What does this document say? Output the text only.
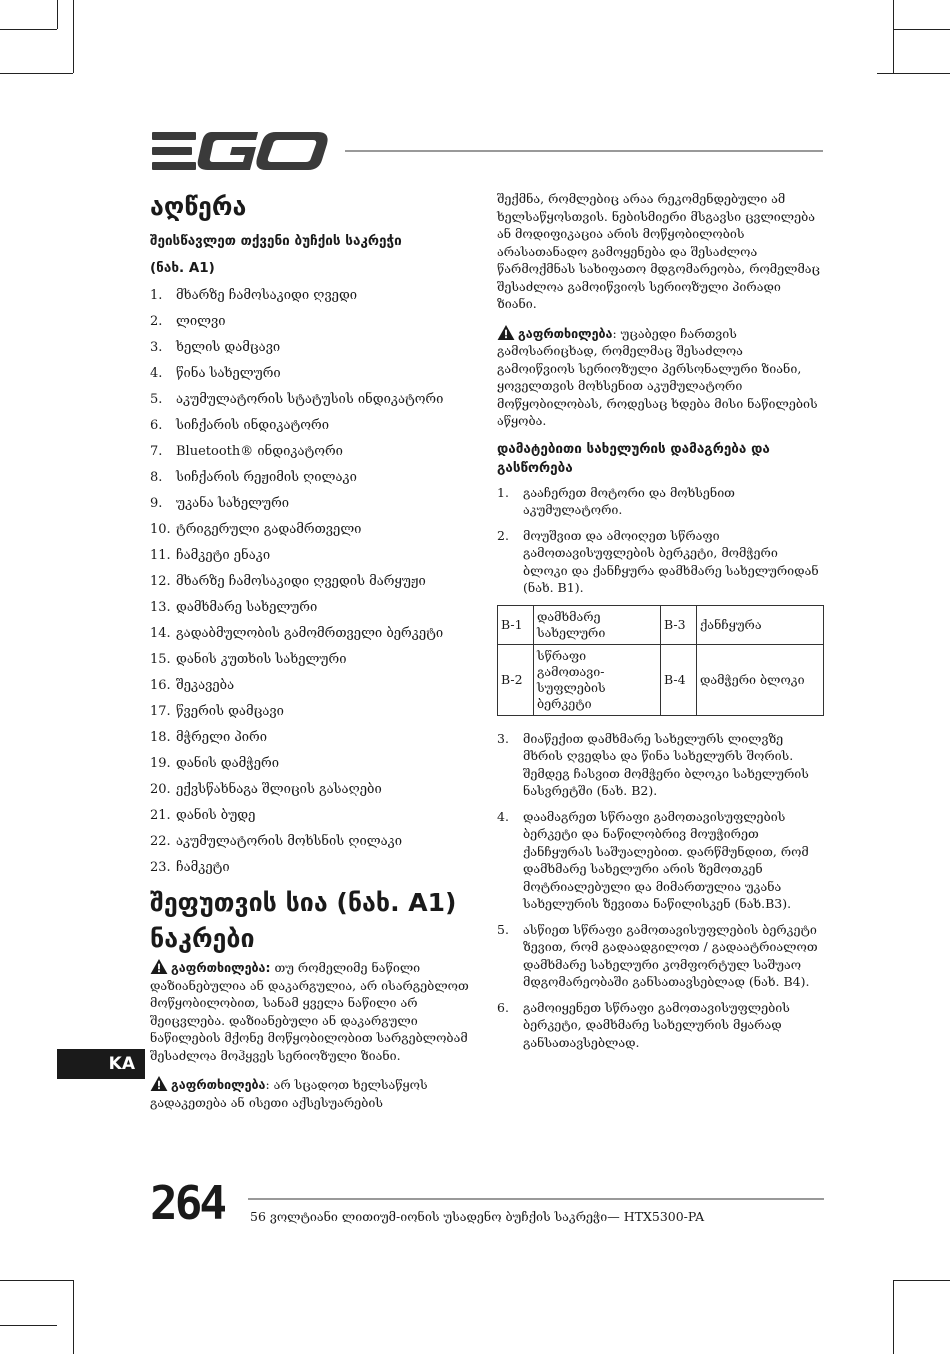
აღწერა

შეისწავლეთ თქვენი ბუჩქის საკრეჭი

(ნახ. A1)

1.	მხარზე ჩამოსაკიდი ღვედი
2.	ლილვი
3.	ხელის დამცავი
4.	წინა სახელური
5.	აკუმულატორის სტატუსის ინდიკატორი
6.	სიჩქარის ინდიკატორი
7.	Bluetooth® ინდიკატორი
8.	სიჩქარის რეჟიმის ღილაკი
9.	უკანა სახელური
10. ტრიგერული გადამრთველი
11. ჩამკეტი ენაკი
12. მხარზე ჩამოსაკიდი ღვედის მარყუჟი
13. დამხმარე სახელური
14. გადაბმულობის გამომრთველი ბერკეტი
15. დანის კუთხის სახელური
16. შეკავება
17. წვერის დამცავი
18. მჭრელი პირი
19. დანის დამჭერი
20. ექვსწახნაგა შლიცის გასაღები
21. დანის ბუდე
22. აკუმულატორის მოხსნის ღილაკი
23. ჩამკეტი
შეფუთვის სია (ნახ. A1) ნაკრები

გაფრთხილება: თუ რომელიმე ნაწილი დაზიანებულია ან დაკარგულია, არ ისარგებლოთ მოწყობილობით, სანამ ყველა ნაწილი არ შეიცვლება. დაზიანებული ან დაკარგული ნაწილების მქონე მოწყობილობით სარგებლობამ შესაძლოა მოჰყვეს სერიოზული ზიანი.

გაფრთხილება: არ სცადოთ ხელსაწყოს გადაკეთება ან ისეთი აქსესუარების

შექმნა, რომლებიც არაა რეკომენდებული ამ ხელსაწყოსთვის. ნებისმიერი მსგავსი ცვლილება ან მოდიფიკაცია არის მოწყობილობის არასათანადო გამოყენება და შესაძლოა წარმოქმნას სახიფათო მდგომარეობა, რომელმაც შესაძლოა გამოიწვიოს სერიოზული პირადი ზიანი.

გაფრთხილება: უცაბედი ჩართვის გამოსარიცხად, რომელმაც შესაძლოა გამოიწვიოს სერიოზული პერსონალური ზიანი, ყოველთვის მოხსენით აკუმულატორი მოწყობილობას, როდესაც ხდება მისი ნაწილების აწყობა.

დამატებითი სახელურის დამაგრება და გასწორება

1.	გააჩერეთ მოტორი და მოხსენით აკუმულატორი.
2.	მოუშვით და ამოიღეთ სწრაფი გამოთავისუფლების ბერკეტი, მომჭერი ბლოკი და ქანჩყურა დამხმარე სახელურიდან (ნახ. B1).
B-1	დამხმარე სახელური	B-3	ქანჩყურა
B-2	სწრაფი გამოთავი-სუფლების ბერკეტი	B-4	დამჭერი ბლოკი
3.	მიაწექით დამხმარე სახელურს ლილვზე მხრის ღვედსა და წინა სახელურს შორის. შემდეგ ჩასვით მომჭერი ბლოკი სახელურის ნასვრეტში (ნახ. B2).
4.	დაამაგრეთ სწრაფი გამოთავისუფლების ბერკეტი და ნაწილობრივ მოუჭირეთ ქანჩყურას საშუალებით. დარწმუნდით, რომ დამხმარე სახელური არის ზემოთკენ მოტრიალებული და მიმართულია უკანა სახელურის ზევითა ნაწილისკენ (ნახ.B3).
5.	ასწიეთ სწრაფი გამოთავისუფლების ბერკეტი ზევით, რომ გადაადგილოთ / გადაატრიალოთ დამხმარე სახელური კომფორტულ საშუაო მდგომარეობაში განსათავსებლად (ნახ. B4).
6.	გამოიყენეთ სწრაფი გამოთავისუფლების ბერკეტი, დამხმარე სახელურის მყარად განსათავსებლად.
KA
264 56 ვოლტიანი ლითიუმ-იონის უსადენო ბუჩქის საკრეჭი— HTX5300-PA
